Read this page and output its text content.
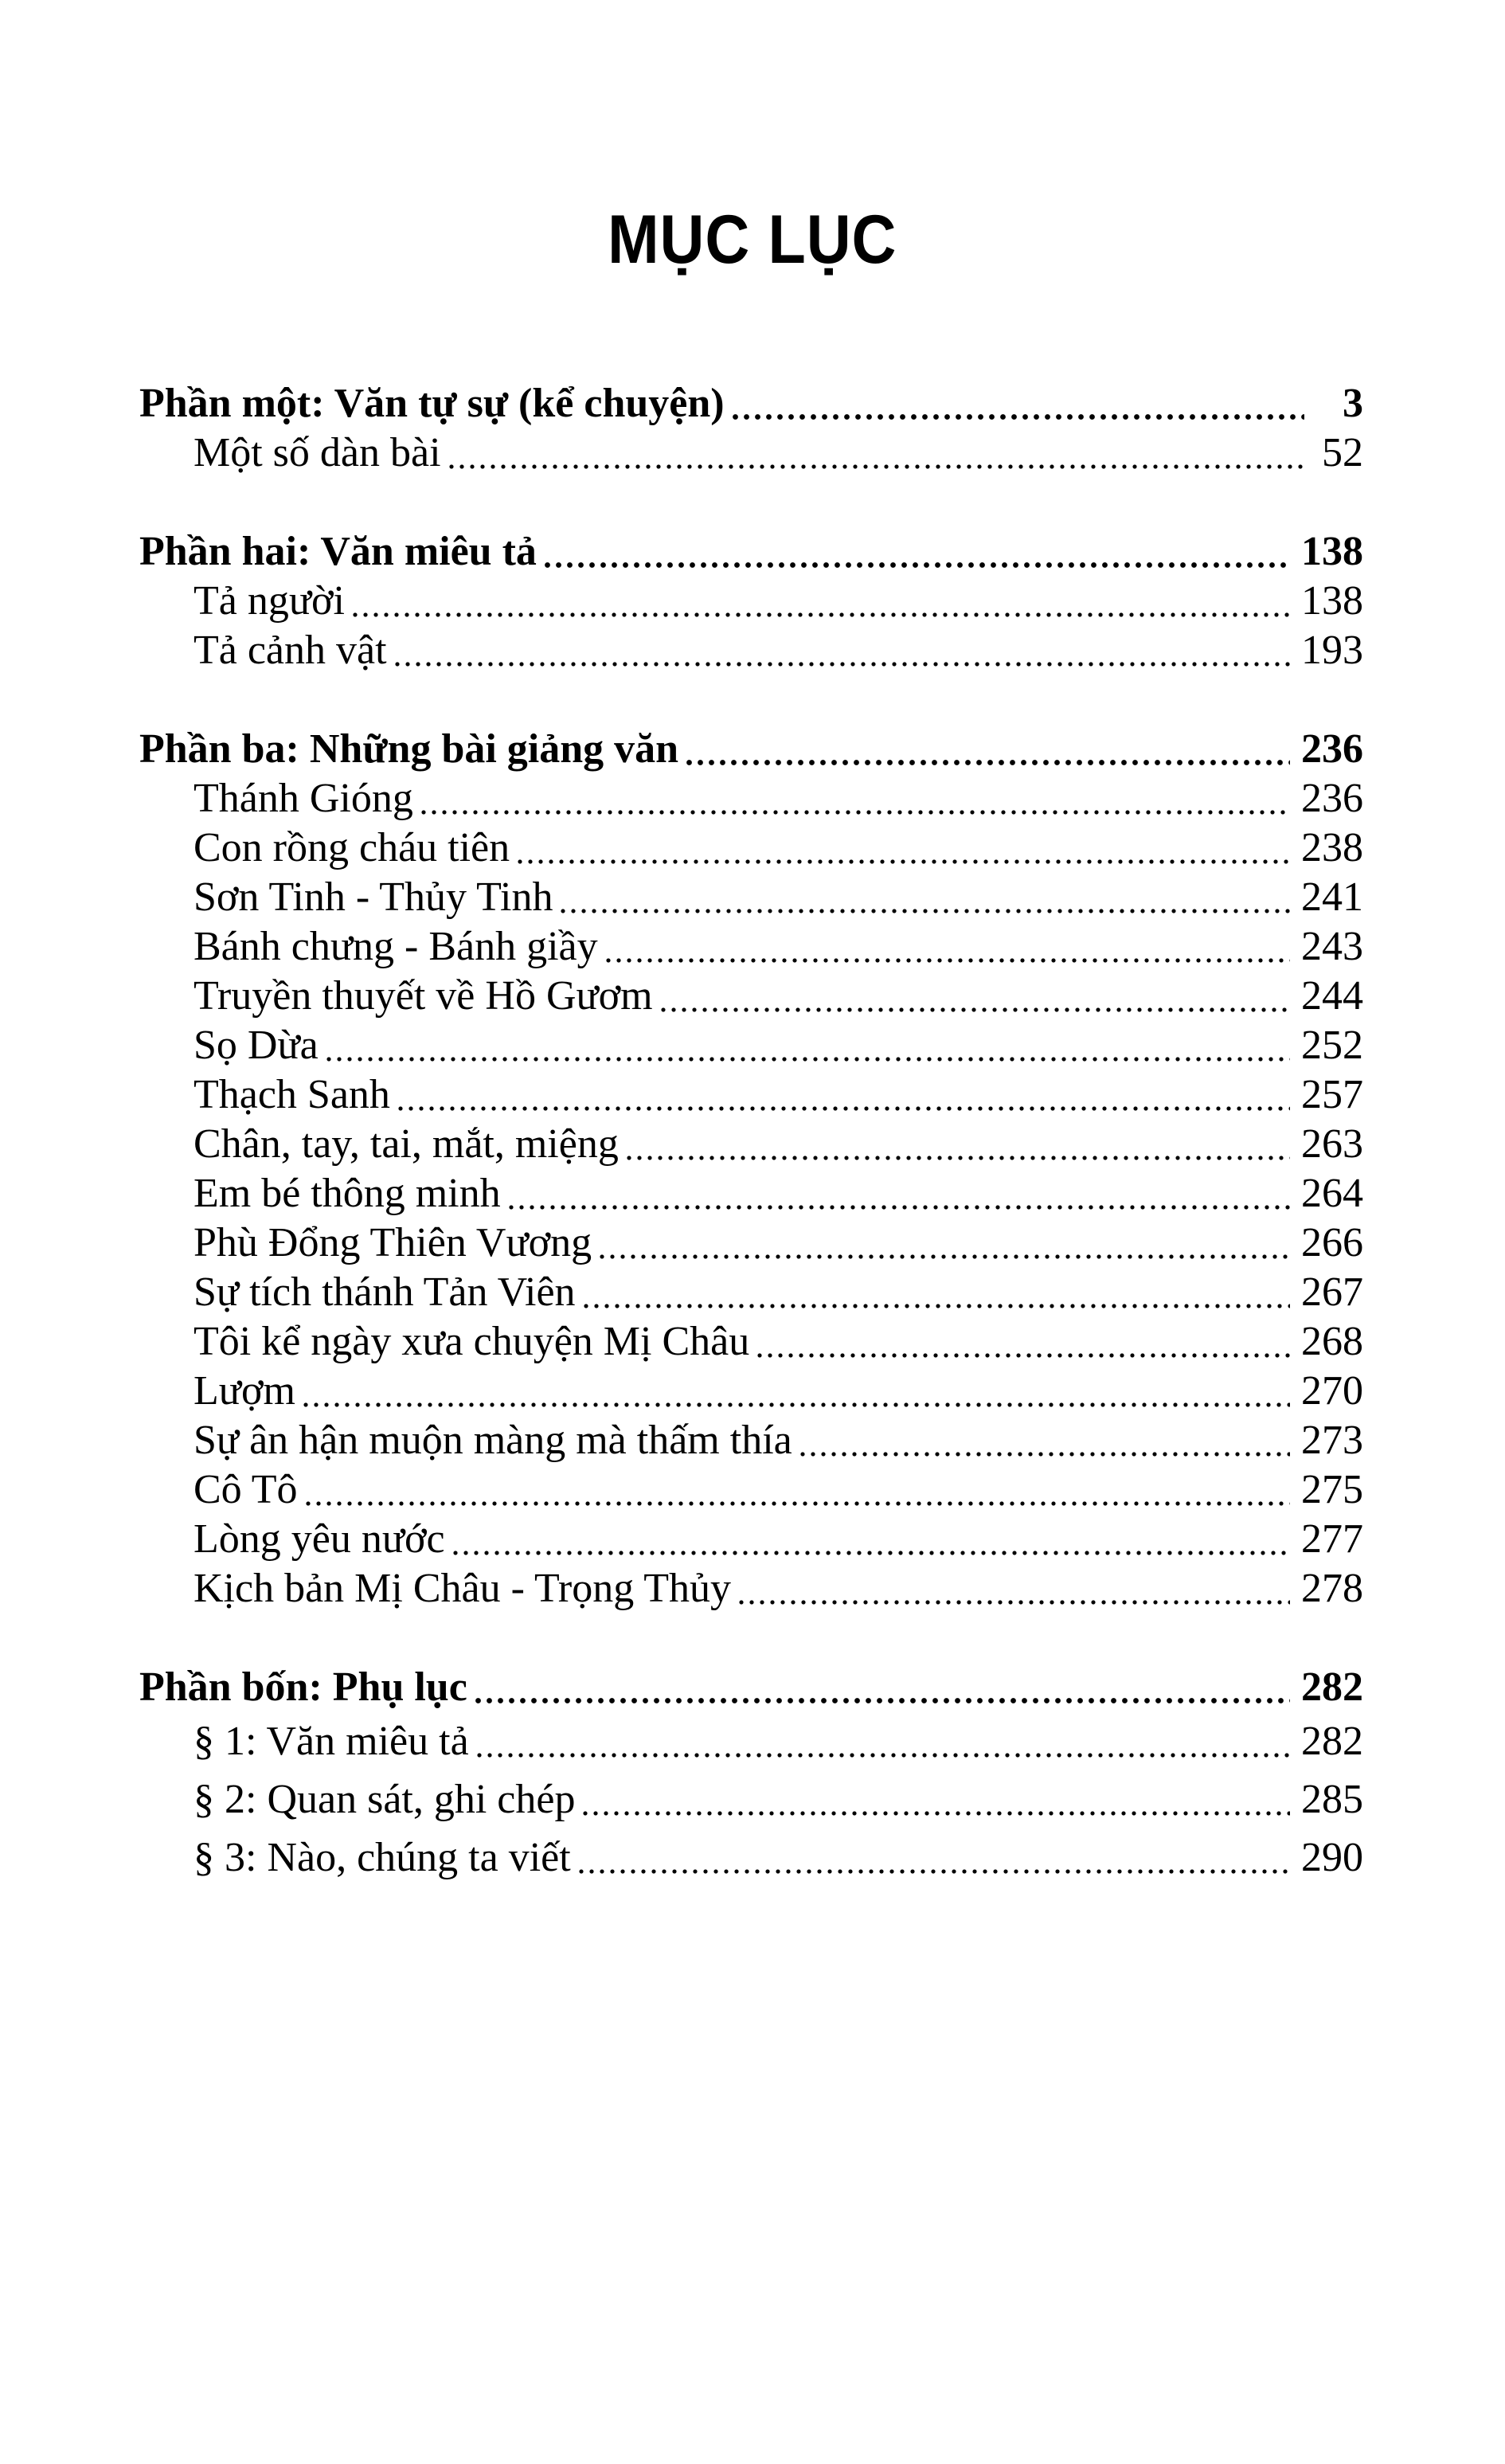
MỤC LỤC
Phần một: Văn tự sự (kể chuyện)	3
Một số dàn bài	52
Phần hai: Văn miêu tả	138
Tả người	138
Tả cảnh vật	193
Phần ba: Những bài giảng văn	236
Thánh Gióng	236
Con rồng cháu tiên	238
Sơn Tinh - Thủy Tinh	241
Bánh chưng - Bánh giầy	243
Truyền thuyết về Hồ Gươm	244
Sọ Dừa	252
Thạch Sanh	257
Chân, tay, tai, mắt, miệng	263
Em bé thông minh	264
Phù Đổng Thiên Vương	266
Sự tích thánh Tản Viên	267
Tôi kể ngày xưa chuyện Mị Châu	268
Lượm	270
Sự ân hận muộn màng mà thấm thía	273
Cô Tô	275
Lòng yêu nước	277
Kịch bản Mị Châu - Trọng Thủy	278
Phần bốn: Phụ lục	282
§ 1: Văn miêu tả	282
§ 2: Quan sát, ghi chép	285
§ 3: Nào, chúng ta viết	290
